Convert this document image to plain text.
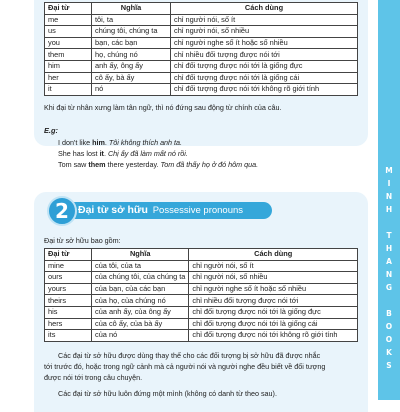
M
I
N
H

T
H
A
N
G

B
O
O
K
S
Đại từ	Nghĩa	Cách dùng
me	tôi, ta	chỉ người nói, số ít
us	chúng tôi, chúng ta	chỉ người nói, số nhiều
you	bạn, các bạn	chỉ người nghe số ít hoặc số nhiều
them	họ, chúng nó	chỉ nhiều đối tượng được nói tới
him	anh ấy, ông ấy	chỉ đối tượng được nói tới là giống đực
her	cô ấy, bà ấy	chỉ đối tượng được nói tới là giống cái
it	nó	chỉ đối tượng được nói tới không rõ giới tính
Khi đại từ nhân xưng làm tân ngữ, thì nó đứng sau động từ chính của câu.
E.g:
I don't like him. Tôi không thích anh ta.
She has lost it. Chị ấy đã làm mất nó rồi.
Tom saw them there yesterday. Tom đã thấy họ ở đó hôm qua.
2 Đại từ sở hữu Possessive pronouns
Đại từ sở hữu bao gồm:
Đại từ	Nghĩa	Cách dùng
mine	của tôi, của ta	chỉ người nói, số ít
ours	của chúng tôi, của chúng ta	chỉ người nói, số nhiều
yours	của bạn, của các bạn	chỉ người nghe số ít hoặc số nhiều
theirs	của họ, của chúng nó	chỉ nhiều đối tượng được nói tới
his	của anh ấy, của ông ấy	chỉ đối tượng được nói tới là giống đực
hers	của cô ấy, của bà ấy	chỉ đối tượng được nói tới là giống cái
its	của nó	chỉ đối tượng được nói tới không rõ giới tính
Các đại từ sở hữu được dùng thay thế cho các đối tượng bị sở hữu đã được nhắc
tới trước đó, hoặc trong ngữ cảnh mà cả người nói và người nghe đều biết về đối tượng
được nói tới trong câu chuyện.
Các đại từ sở hữu luôn đứng một mình (không có danh từ theo sau).
